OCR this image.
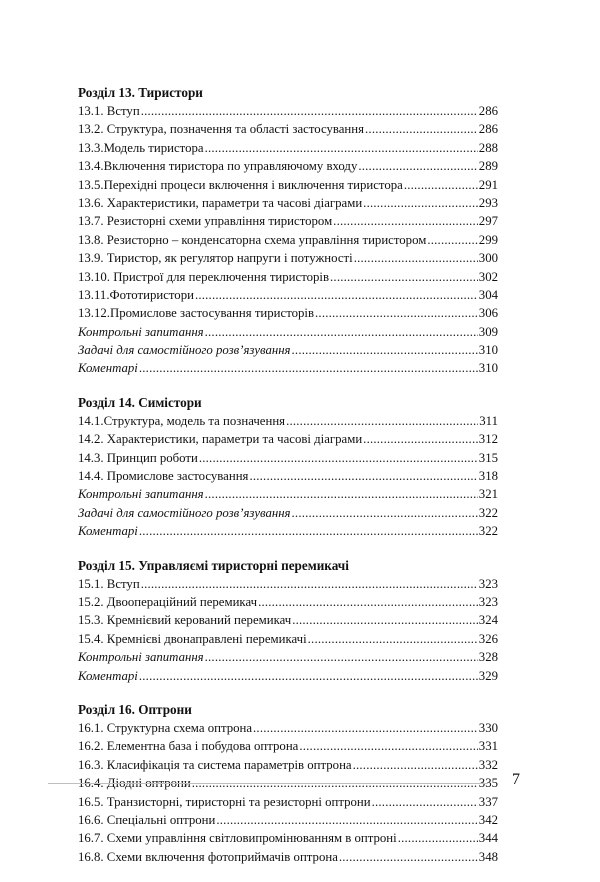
Розділ 13. Тиристори
13.1. Вступ .....	286
13.2. Структура, позначення та області застосування .....	286
13.3.Модель тиристора .....	288
13.4.Включення тиристора по управляючому входу .....	289
13.5.Перехідні процеси включення і виключення тиристора .....	291
13.6. Характеристики, параметри та часові діаграми .....	293
13.7. Резисторні схеми управління тиристором .....	297
13.8. Резисторно – конденсаторна схема управління тиристором .....	299
13.9. Тиристор, як регулятор напруги і потужності .....	300
13.10. Пристрої для переключення тиристорів .....	302
13.11.Фототиристори .....	304
13.12.Промислове застосування тиристорів .....	306
Контрольні запитання .....	309
Задачі для самостійного розв’язування .....	310
Коментарі .....	310
Розділ 14. Симістори
14.1.Структура, модель та позначення .....	311
14.2. Характеристики, параметри та часові діаграми .....	312
14.3. Принцип роботи .....	315
14.4. Промислове застосування .....	318
Контрольні запитання .....	321
Задачі для самостійного розв’язування .....	322
Коментарі .....	322
Розділ 15. Управляємі тиристорні перемикачі
15.1. Вступ .....	323
15.2. Двоопераційний перемикач .....	323
15.3. Кремнієвий керований перемикач .....	324
15.4. Кремнієві двонаправлені перемикачі .....	326
Контрольні запитання .....	328
Коментарі .....	329
Розділ 16. Оптрони
16.1. Структурна схема оптрона .....	330
16.2. Елементна база і побудова оптрона .....	331
16.3. Класифікація та система параметрів оптрона .....	332
16.4. Діодні оптрони .....	335
16.5. Транзисторні, тиристорні та резисторні оптрони .....	337
16.6. Спеціальні оптрони .....	342
16.7. Схеми управління світловипромінюванням в оптроні .....	344
16.8. Схеми включення фотоприймачів оптрона .....	348
7
